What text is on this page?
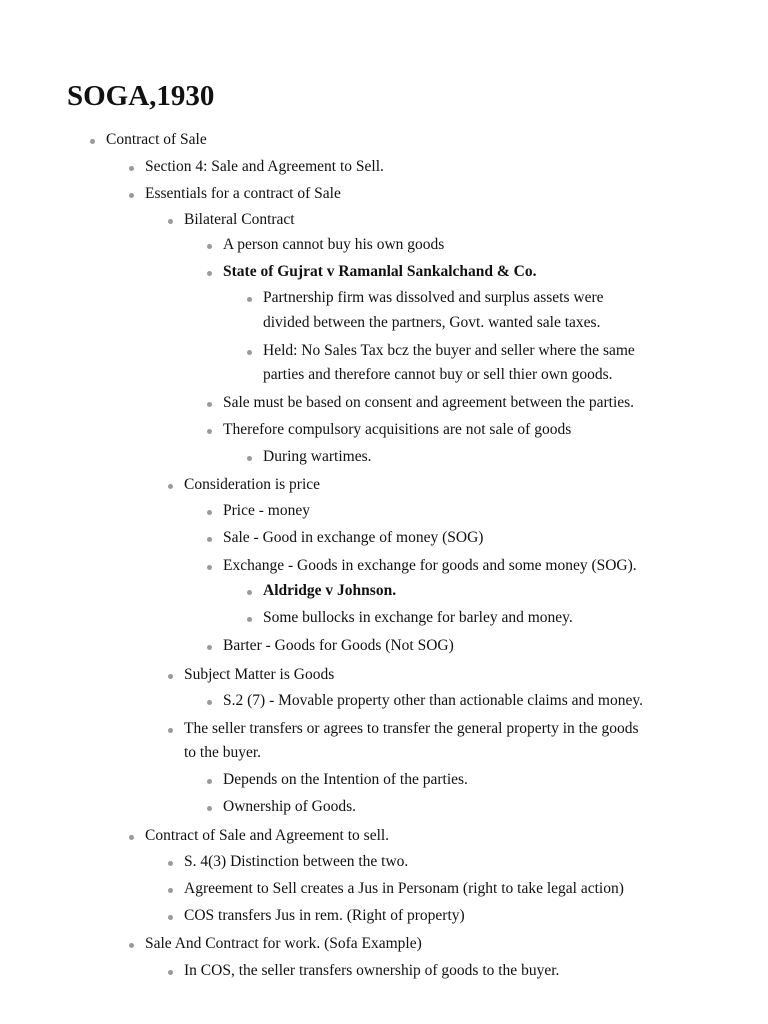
SOGA,1930
Contract of Sale
Section 4: Sale and Agreement to Sell.
Essentials for a contract of Sale
Bilateral Contract
A person cannot buy his own goods
State of Gujrat v Ramanlal Sankalchand & Co.
Partnership firm was dissolved and surplus assets were
divided between the partners, Govt. wanted sale taxes.
Held: No Sales Tax bcz the buyer and seller where the same
parties and therefore cannot buy or sell thier own goods.
Sale must be based on consent and agreement between the parties.
Therefore compulsory acquisitions are not sale of goods
During wartimes.
Consideration is price
Price - money
Sale - Good in exchange of money (SOG)
Exchange - Goods in exchange for goods and some money (SOG).
Aldridge v Johnson.
Some bullocks in exchange for barley and money.
Barter - Goods for Goods (Not SOG)
Subject Matter is Goods
S.2 (7) - Movable property other than actionable claims and money.
The seller transfers or agrees to transfer the general property in the goods
to the buyer.
Depends on the Intention of the parties.
Ownership of Goods.
Contract of Sale and Agreement to sell.
S. 4(3) Distinction between the two.
Agreement to Sell creates a Jus in Personam (right to take legal action)
COS transfers Jus in rem. (Right of property)
Sale And Contract for work. (Sofa Example)
In COS, the seller transfers ownership of goods to the buyer.
